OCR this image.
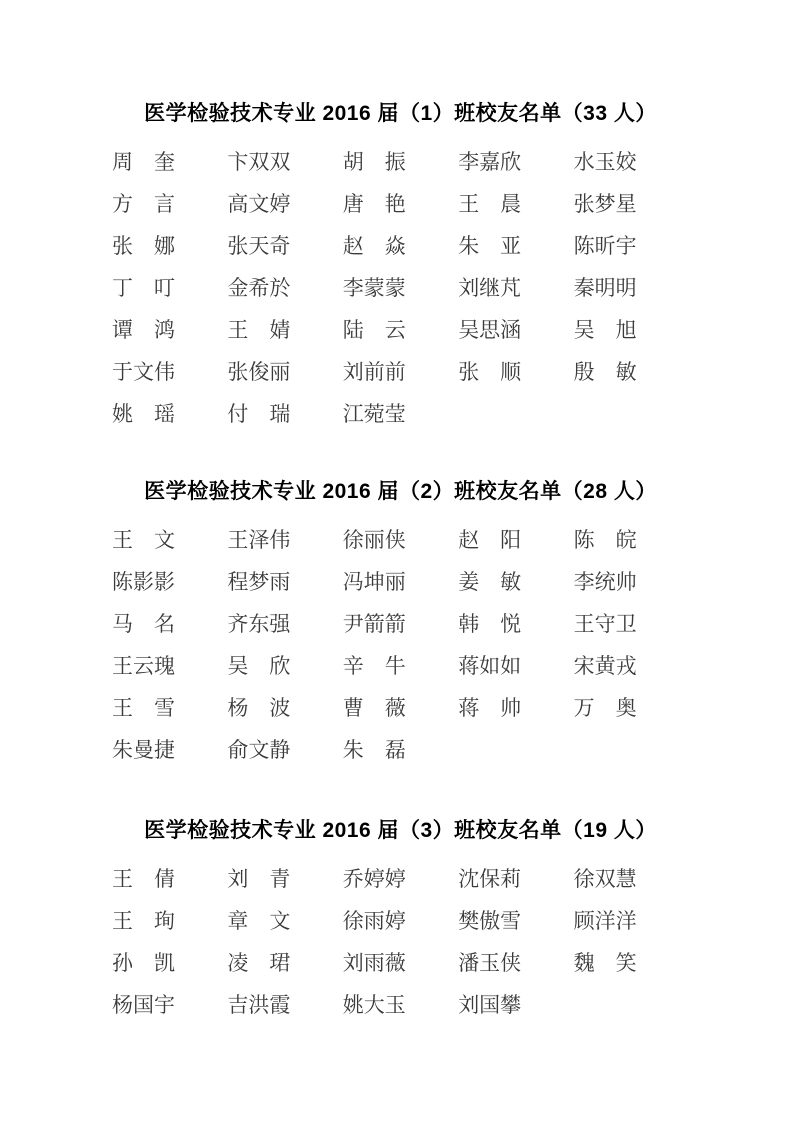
医学检验技术专业 2016 届（1）班校友名单（33 人）
周奎 卞双双 胡振 李嘉欣 水玉姣
方言 高文婷 唐艳 王晨 张梦星
张娜 张天奇 赵焱 朱亚 陈昕宇
丁叮 金希於 李蒙蒙 刘继芃 秦明明
谭鸿 王婧 陆云 吴思涵 吴旭
于文伟 张俊丽 刘前前 张顺 殷敏
姚瑶 付瑞 江菀莹
医学检验技术专业 2016 届（2）班校友名单（28 人）
王文 王泽伟 徐丽侠 赵阳 陈皖
陈影影 程梦雨 冯坤丽 姜敏 李统帅
马名 齐东强 尹箭箭 韩悦 王守卫
王云瑰 吴欣 辛牛 蒋如如 宋黄戎
王雪 杨波 曹薇 蒋帅 万奥
朱曼捷 俞文静 朱磊
医学检验技术专业 2016 届（3）班校友名单（19 人）
王倩 刘青 乔婷婷 沈保莉 徐双慧
王珣 章文 徐雨婷 樊傲雪 顾洋洋
孙凯 凌珺 刘雨薇 潘玉侠 魏笑
杨国宇 吉洪霞 姚大玉 刘国攀
